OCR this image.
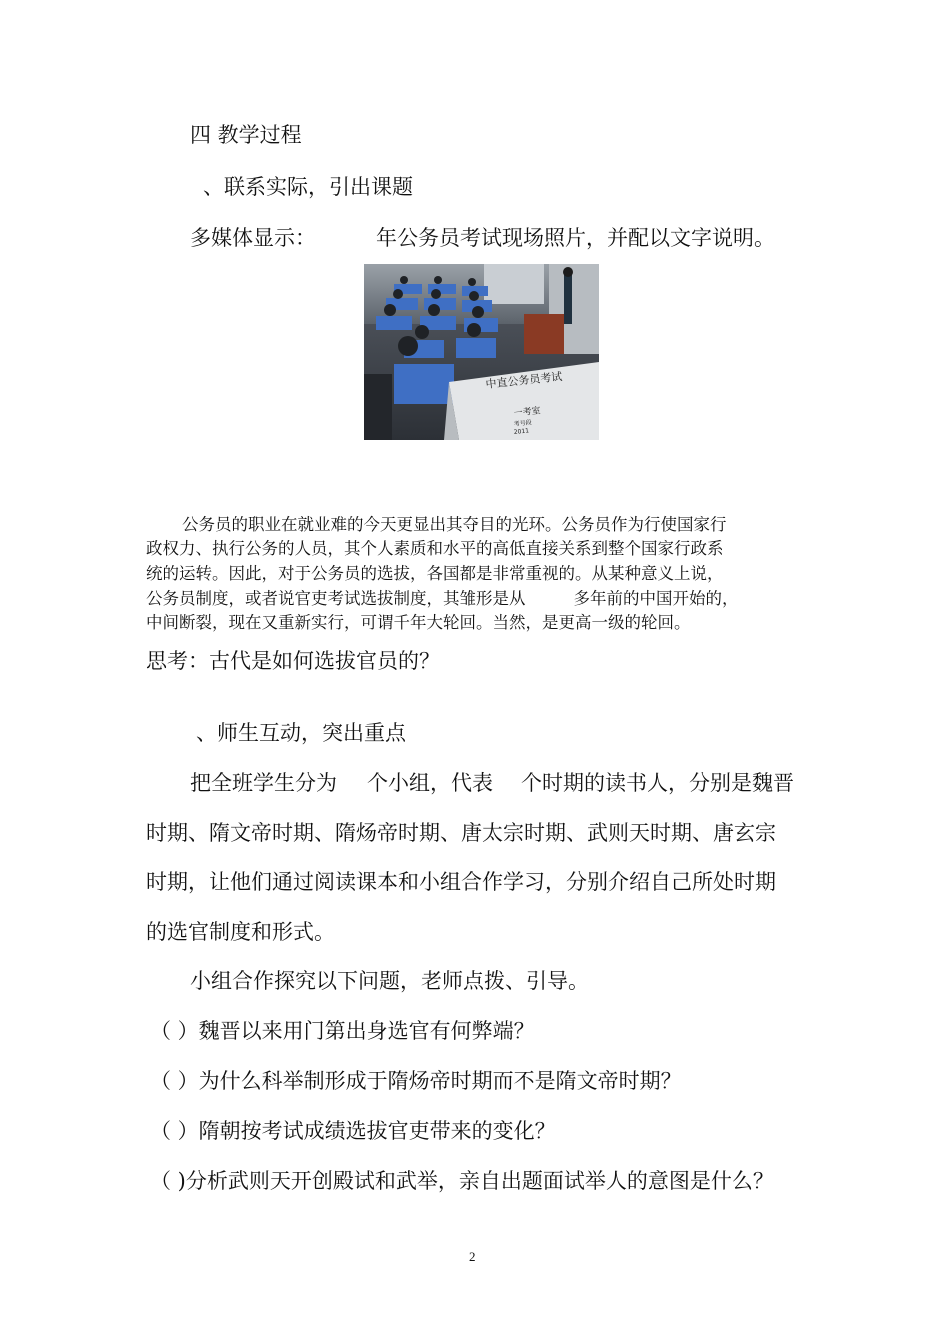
四 教学过程
、联系实际，引出课题
多媒体显示：	年公务员考试现场照片，并配以文字说明。
中直公务员考试
一考室
考号段
2011
公务员的职业在就业难的今天更显出其夺目的光环。公务员作为行使国家行
政权力、执行公务的人员，其个人素质和水平的高低直接关系到整个国家行政系
统的运转。因此，对于公务员的选拔，各国都是非常重视的。从某种意义上说，
公务员制度，或者说官吏考试选拔制度，其雏形是从	多年前的中国开始的，
中间断裂，现在又重新实行，可谓千年大轮回。当然，是更高一级的轮回。
思考：古代是如何选拔官员的？
、师生互动，突出重点
把全班学生分为 个小组，代表 个时期的读书人，分别是魏晋
时期、隋文帝时期、隋炀帝时期、唐太宗时期、武则天时期、唐玄宗
时期，让他们通过阅读课本和小组合作学习，分别介绍自己所处时期
的选官制度和形式。
小组合作探究以下问题，老师点拨、引导。
（ ）魏晋以来用门第出身选官有何弊端？
（ ）为什么科举制形成于隋炀帝时期而不是隋文帝时期？
（ ）隋朝按考试成绩选拔官吏带来的变化？
（ )分析武则天开创殿试和武举，亲自出题面试举人的意图是什么？
2
